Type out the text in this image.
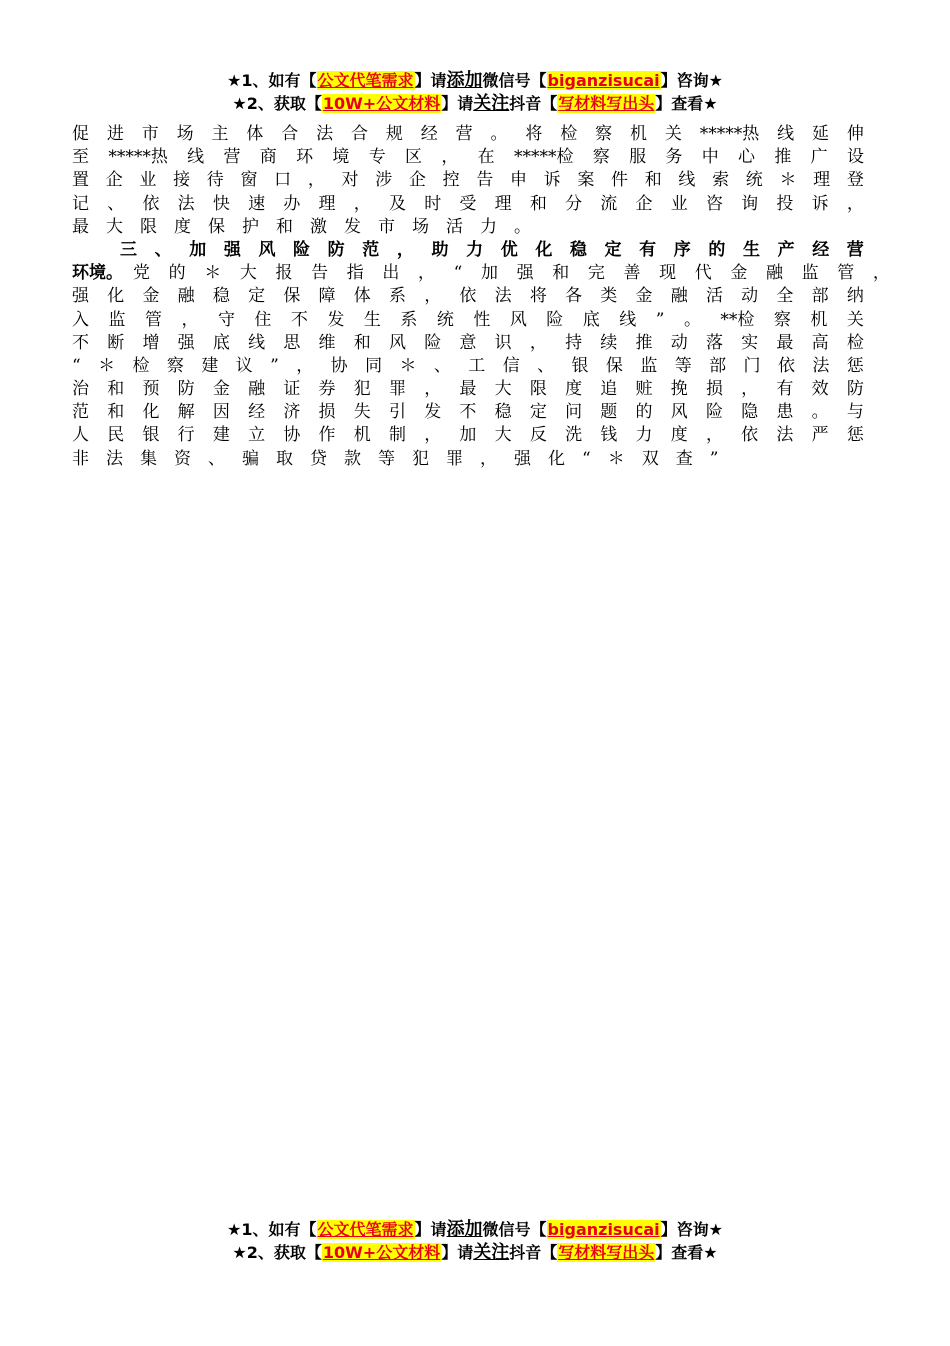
★1、如有【公文代笔需求】请添加微信号【biganzisucai】咨询★
★2、获取【10W+公文材料】请关注抖音【写材料写出头】查看★
促 进 市 场 主 体 合 法 合 规 经 营 。 将 检 察 机 关 *****热 线 延 伸
至 *****热 线 营 商 环 境 专 区 ， 在 *****检 察 服 务 中 心 推 广 设
置 企 业 接 待 窗 口 ， 对 涉 企 控 告 申 诉 案 件 和 线 索 统 ＊ 理 登
记 、 依 法 快 速 办 理 ， 及 时 受 理 和 分 流 企 业 咨 询 投 诉 ，
最 大 限 度 保 护 和 激 发 市 场 活 力 。
三 、 加 强 风 险 防 范 ， 助 力 优 化 稳 定 有 序 的 生 产 经 营
环境。 党 的 ＊ 大 报 告 指 出 ， “ 加 强 和 完 善 现 代 金 融 监 管 ，
强 化 金 融 稳 定 保 障 体 系 ， 依 法 将 各 类 金 融 活 动 全 部 纳
入 监 管 ， 守 住 不 发 生 系 统 性 风 险 底 线 ” 。 **检 察 机 关
不 断 增 强 底 线 思 维 和 风 险 意 识 ， 持 续 推 动 落 实 最 高 检
“ ＊ 检 察 建 议 ” ， 协 同 ＊ 、 工 信 、 银 保 监 等 部 门 依 法 惩
治 和 预 防 金 融 证 券 犯 罪 ， 最 大 限 度 追 赃 挽 损 ， 有 效 防
范 和 化 解 因 经 济 损 失 引 发 不 稳 定 问 题 的 风 险 隐 患 。 与
人 民 银 行 建 立 协 作 机 制 ， 加 大 反 洗 钱 力 度 ， 依 法 严 惩
非 法 集 资 、 骗 取 贷 款 等 犯 罪 ， 强 化 “ ＊ 双 查 ”
★1、如有【公文代笔需求】请添加微信号【biganzisucai】咨询★
★2、获取【10W+公文材料】请关注抖音【写材料写出头】查看★
